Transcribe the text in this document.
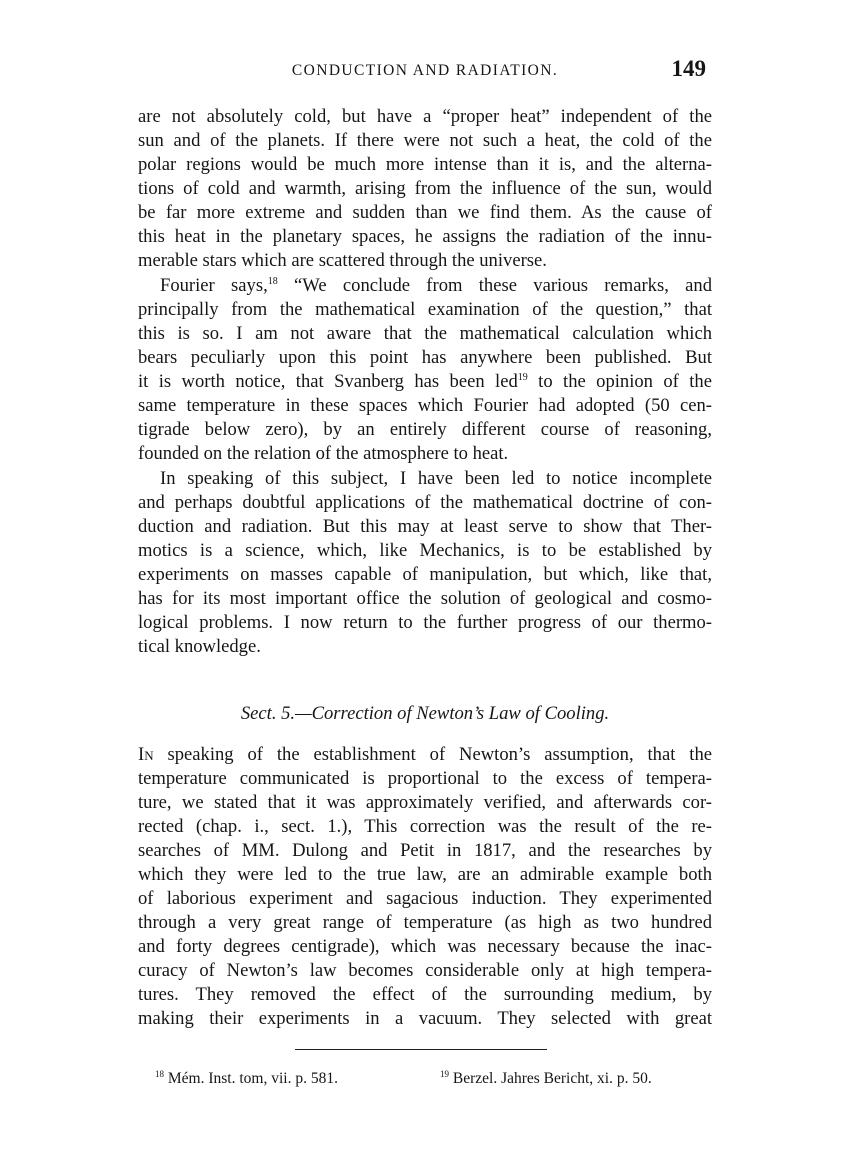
CONDUCTION AND RADIATION.	149
are not absolutely cold, but have a “proper heat” independent of the
sun and of the planets. If there were not such a heat, the cold of the
polar regions would be much more intense than it is, and the alterna-
tions of cold and warmth, arising from the influence of the sun, would
be far more extreme and sudden than we find them. As the cause of
this heat in the planetary spaces, he assigns the radiation of the innu-
merable stars which are scattered through the universe.
Fourier says,$^{18}$ “We conclude from these various remarks, and
principally from the mathematical examination of the question,” that
this is so. I am not aware that the mathematical calculation which
bears peculiarly upon this point has anywhere been published. But
it is worth notice, that Svanberg has been led$^{19}$ to the opinion of the
same temperature in these spaces which Fourier had adopted (50 cen-
tigrade below zero), by an entirely different course of reasoning,
founded on the relation of the atmosphere to heat.
In speaking of this subject, I have been led to notice incomplete
and perhaps doubtful applications of the mathematical doctrine of con-
duction and radiation. But this may at least serve to show that Ther-
motics is a science, which, like Mechanics, is to be established by
experiments on masses capable of manipulation, but which, like that,
has for its most important office the solution of geological and cosmo-
logical problems. I now return to the further progress of our thermo-
tical knowledge.
Sect. 5.—Correction of Newton’s Law of Cooling.
In speaking of the establishment of Newton’s assumption, that the
temperature communicated is proportional to the excess of tempera-
ture, we stated that it was approximately verified, and afterwards cor-
rected (chap. i., sect. 1.), This correction was the result of the re-
searches of MM. Dulong and Petit in 1817, and the researches by
which they were led to the true law, are an admirable example both
of laborious experiment and sagacious induction. They experimented
through a very great range of temperature (as high as two hundred
and forty degrees centigrade), which was necessary because the inac-
curacy of Newton’s law becomes considerable only at high tempera-
tures. They removed the effect of the surrounding medium, by
making their experiments in a vacuum. They selected with great
$^{18}$ Mém. Inst. tom, vii. p. 581.	$^{19}$ Berzel. Jahres Bericht, xi. p. 50.
